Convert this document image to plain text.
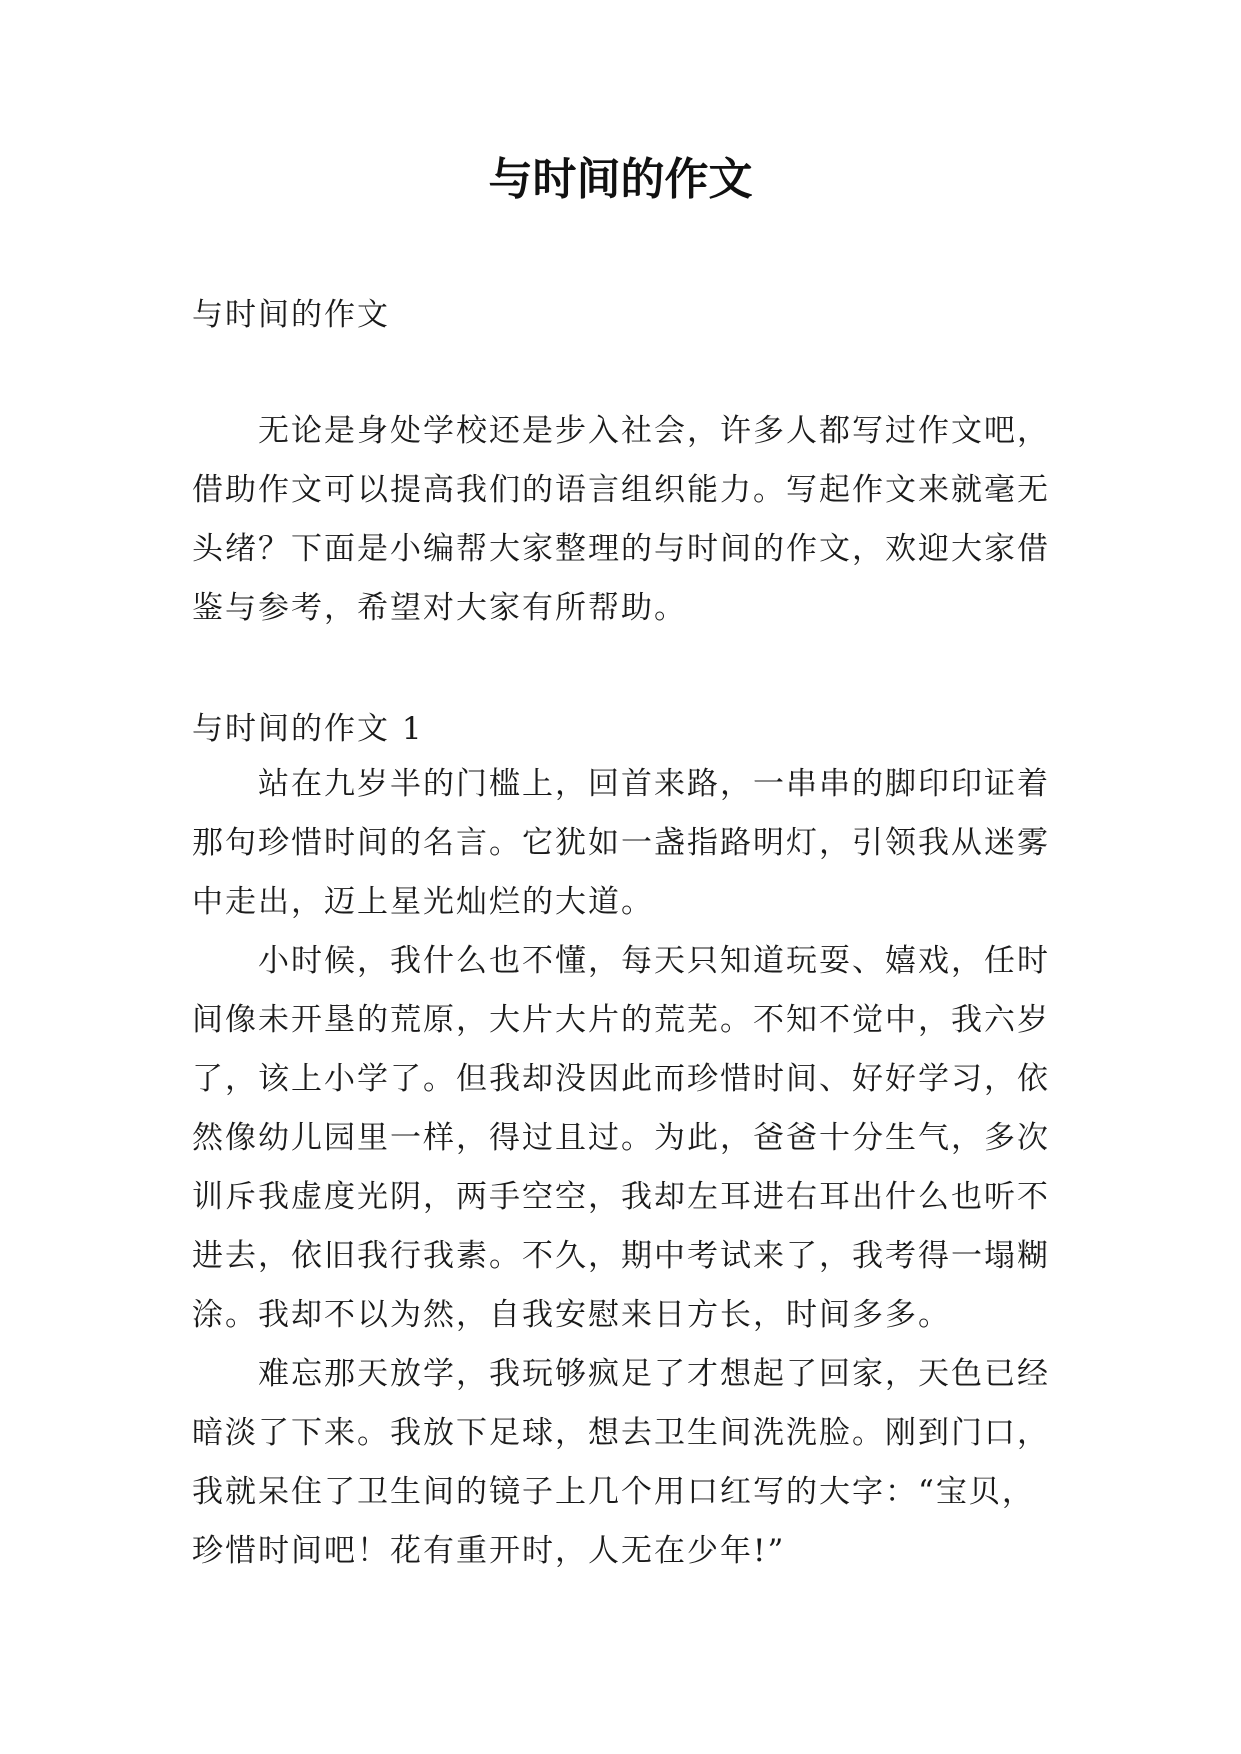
与时间的作文

与时间的作文

无论是身处学校还是步入社会，许多人都写过作文吧，借助作文可以提高我们的语言组织能力。写起作文来就毫无头绪？下面是小编帮大家整理的与时间的作文，欢迎大家借鉴与参考，希望对大家有所帮助。

与时间的作文 1

站在九岁半的门槛上，回首来路，一串串的脚印印证着那句珍惜时间的名言。它犹如一盏指路明灯，引领我从迷雾中走出，迈上星光灿烂的大道。

小时候，我什么也不懂，每天只知道玩耍、嬉戏，任时间像未开垦的荒原，大片大片的荒芜。不知不觉中，我六岁了，该上小学了。但我却没因此而珍惜时间、好好学习，依然像幼儿园里一样，得过且过。为此，爸爸十分生气，多次训斥我虚度光阴，两手空空，我却左耳进右耳出什么也听不进去，依旧我行我素。不久，期中考试来了，我考得一塌糊涂。我却不以为然，自我安慰来日方长，时间多多。

难忘那天放学，我玩够疯足了才想起了回家，天色已经暗淡了下来。我放下足球，想去卫生间洗洗脸。刚到门口，我就呆住了卫生间的镜子上几个用口红写的大字：“宝贝，珍惜时间吧！花有重开时，人无在少年!”
